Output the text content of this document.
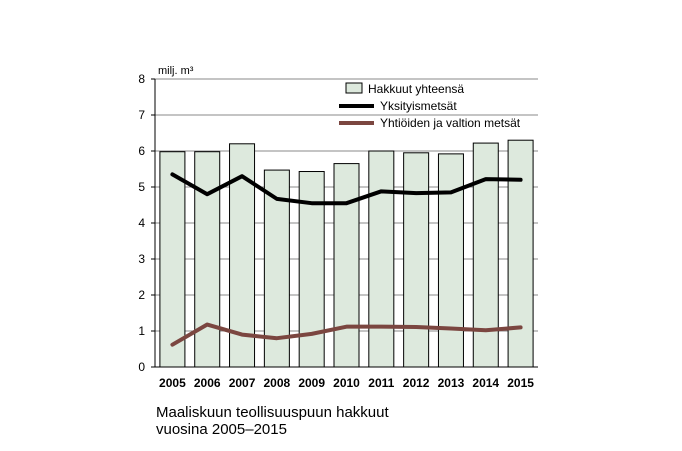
0
1
2
3
4
5
6
7
8
2005 2006 2007 2008 2009 2010 2011 2012 2013 2014 2015
milj. m³
Hakkuut yhteensä
Yksityismetsät
Yhtiöiden ja valtion metsät
Maaliskuun teollisuuspuun hakkuut
vuosina 2005–2015
